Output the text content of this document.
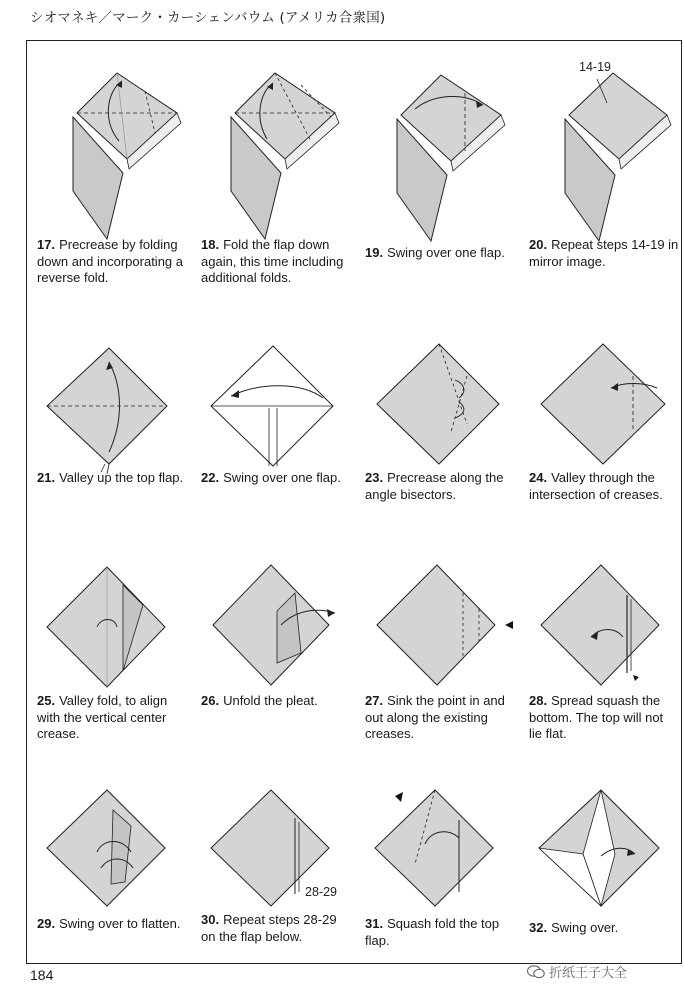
シオマネキ／マーク・カーシェンバウム (アメリカ合衆国)
17. Precrease by folding down and incorporating a reverse fold.
18. Fold the flap down again, this time including additional folds.
19. Swing over one flap.
14-19
20. Repeat steps 14-19 in mirror image.
21. Valley up the top flap. 22. Swing over one flap.	23. Precrease along the angle bisectors.
24. Valley through the intersection of creases.
25. Valley fold, to align with the vertical center crease.
26. Unfold the pleat.	27. Sink the point in and out along the existing creases.
28. Spread squash the bottom. The top will not lie flat.
29. Swing over to flatten.
28-29
30. Repeat steps 28-29 on the flap below.
31. Squash fold the top flap.
32. Swing over.
184	折纸王子大全
